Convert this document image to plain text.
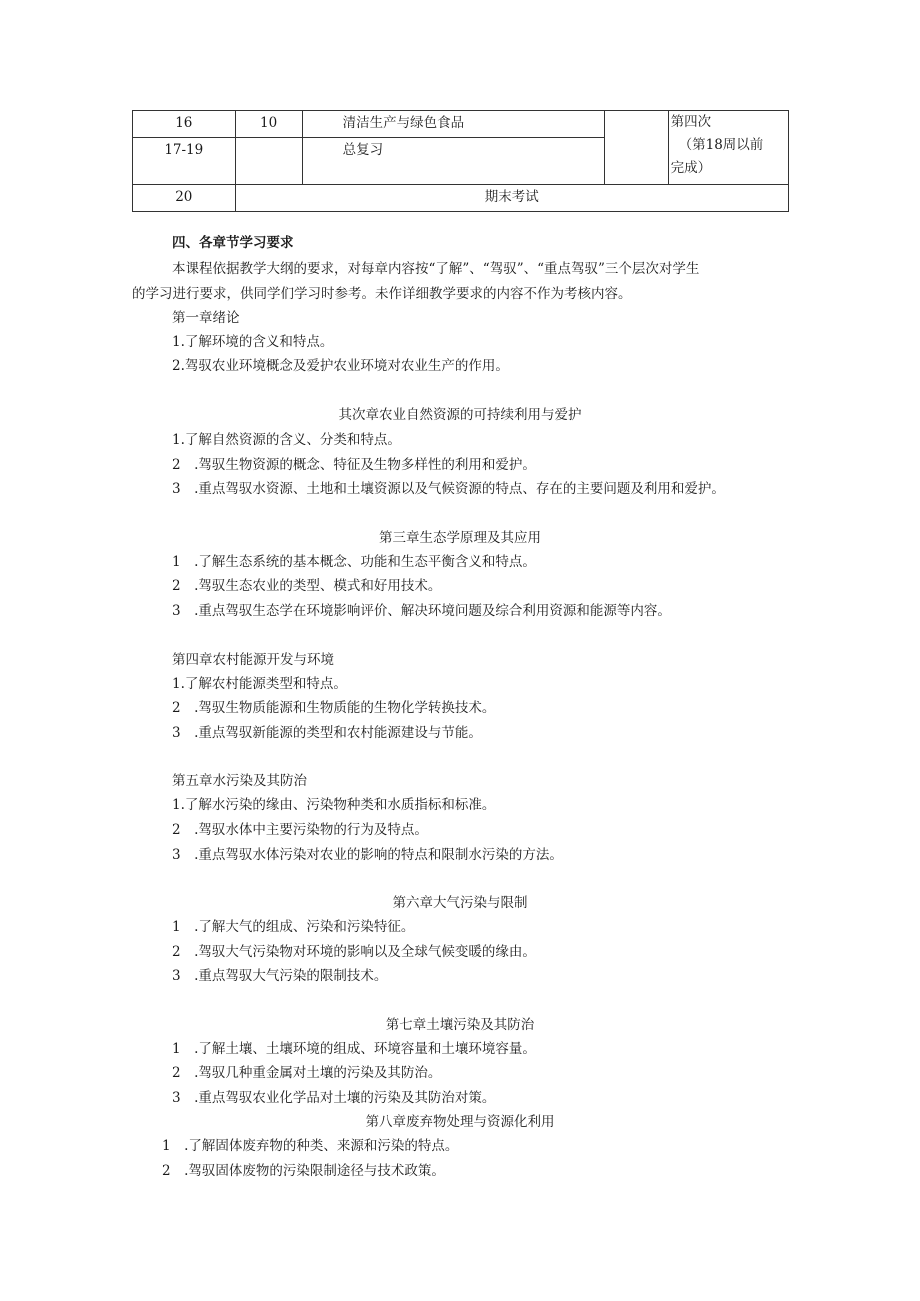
16	10	清洁生产与绿色食品		第四次
（第18周以前
完成）

17-19		总复习		

20	期末考试			
四、各章节学习要求
本课程依据教学大纲的要求，对每章内容按“了解”、“驾驭”、“重点驾驭”三个层次对学生
的学习进行要求，供同学们学习时参考。未作详细教学要求的内容不作为考核内容。
第一章绪论
1.了解环境的含义和特点。
2.驾驭农业环境概念及爱护农业环境对农业生产的作用。
其次章农业自然资源的可持续利用与爱护
1.了解自然资源的含义、分类和特点。
2　.驾驭生物资源的概念、特征及生物多样性的利用和爱护。
3　.重点驾驭水资源、土地和土壤资源以及气候资源的特点、存在的主要问题及利用和爱护。
第三章生态学原理及其应用
1　.了解生态系统的基本概念、功能和生态平衡含义和特点。
2　.驾驭生态农业的类型、模式和好用技术。
3　.重点驾驭生态学在环境影响评价、解决环境问题及综合利用资源和能源等内容。
第四章农村能源开发与环境
1.了解农村能源类型和特点。
2　.驾驭生物质能源和生物质能的生物化学转换技术。
3　.重点驾驭新能源的类型和农村能源建设与节能。
第五章水污染及其防治
1.了解水污染的缘由、污染物种类和水质指标和标准。
2　.驾驭水体中主要污染物的行为及特点。
3　.重点驾驭水体污染对农业的影响的特点和限制水污染的方法。
第六章大气污染与限制
1　.了解大气的组成、污染和污染特征。
2　.驾驭大气污染物对环境的影响以及全球气候变暖的缘由。
3　.重点驾驭大气污染的限制技术。
第七章土壤污染及其防治
1　.了解土壤、土壤环境的组成、环境容量和土壤环境容量。
2　.驾驭几种重金属对土壤的污染及其防治。
3　.重点驾驭农业化学品对土壤的污染及其防治对策。
第八章废弃物处理与资源化利用
1　.了解固体废弃物的种类、来源和污染的特点。
2　.驾驭固体废物的污染限制途径与技术政策。
